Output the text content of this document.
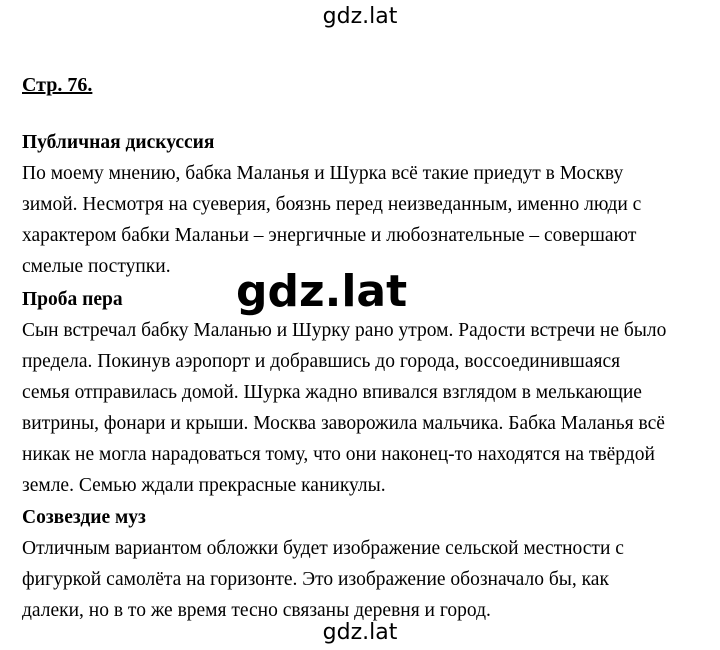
gdz.lat
Стр. 76.
Публичная дискуссия
По моему мнению, бабка Маланья и Шурка всё такие приедут в Москву
зимой. Несмотря на суеверия, боязнь перед неизведанным, именно люди с
характером бабки Маланьи – энергичные и любознательные – совершают
смелые поступки.	gdz.lat
Проба пера
Сын встречал бабку Маланью и Шурку рано утром. Радости встречи не было
предела. Покинув аэропорт и добравшись до города, воссоединившаяся
семья отправилась домой. Шурка жадно впивался взглядом в мелькающие
витрины, фонари и крыши. Москва заворожила мальчика. Бабка Маланья всё
никак не могла нарадоваться тому, что они наконец-то находятся на твёрдой
земле. Семью ждали прекрасные каникулы.
Созвездие муз
Отличным вариантом обложки будет изображение сельской местности с
фигуркой самолёта на горизонте. Это изображение обозначало бы, как
далеки, но в то же время тесно связаны деревня и город.
gdz.lat
